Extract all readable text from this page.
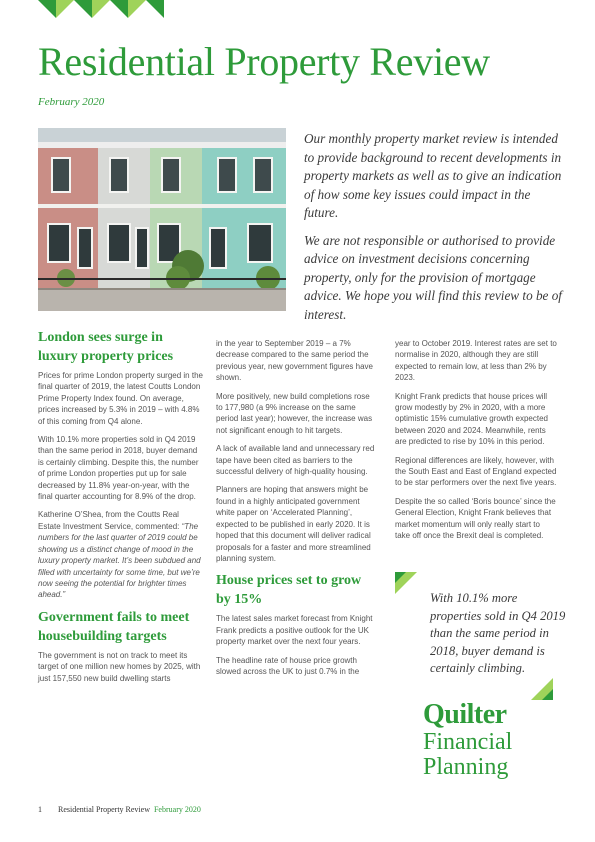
Residential Property Review
February 2020

Our monthly property market review is intended to provide background to recent developments in property markets as well as to give an indication of how some key issues could impact in the future.

We are not responsible or authorised to provide advice on investment decisions concerning property, only for the provision of mortgage advice. We hope you will find this review to be of interest.

London sees surge in luxury property prices

Prices for prime London property surged in the final quarter of 2019, the latest Coutts London Prime Property Index found. On average, prices increased by 5.3% in 2019 – with 4.8% of this coming from Q4 alone.

With 10.1% more properties sold in Q4 2019 than the same period in 2018, buyer demand is certainly climbing. Despite this, the number of prime London properties put up for sale decreased by 11.8% year-on-year, with the final quarter accounting for 8.9% of the drop.

Katherine O’Shea, from the Coutts Real Estate Investment Service, commented: “The numbers for the last quarter of 2019 could be showing us a distinct change of mood in the luxury property market. It’s been subdued and filled with uncertainty for some time, but we’re now seeing the potential for brighter times ahead.”

Government fails to meet housebuilding targets

The government is not on track to meet its target of one million new homes by 2025, with just 157,550 new build dwelling starts

in the year to September 2019 – a 7% decrease compared to the same period the previous year, new government figures have shown.

More positively, new build completions rose to 177,980 (a 9% increase on the same period last year); however, the increase was not significant enough to hit targets.

A lack of available land and unnecessary red tape have been cited as barriers to the successful delivery of high-quality housing.

Planners are hoping that answers might be found in a highly anticipated government white paper on ‘Accelerated Planning’, expected to be published in early 2020. It is hoped that this document will deliver radical proposals for a faster and more streamlined planning system.

House prices set to grow by 15%

The latest sales market forecast from Knight Frank predicts a positive outlook for the UK property market over the next four years.

The headline rate of house price growth slowed across the UK to just 0.7% in the

year to October 2019. Interest rates are set to normalise in 2020, although they are still expected to remain low, at less than 2% by 2023.

Knight Frank predicts that house prices will grow modestly by 2% in 2020, with a more optimistic 15% cumulative growth expected between 2020 and 2024. Meanwhile, rents are predicted to rise by 10% in this period.

Regional differences are likely, however, with the South East and East of England expected to be star performers over the next five years.

Despite the so called ‘Boris bounce’ since the General Election, Knight Frank believes that market momentum will only really start to take off once the Brexit deal is completed.

With 10.1% more properties sold in Q4 2019 than the same period in 2018, buyer demand is certainly climbing.
Quilter
Financial
Planning
1 Residential Property Review February 2020
